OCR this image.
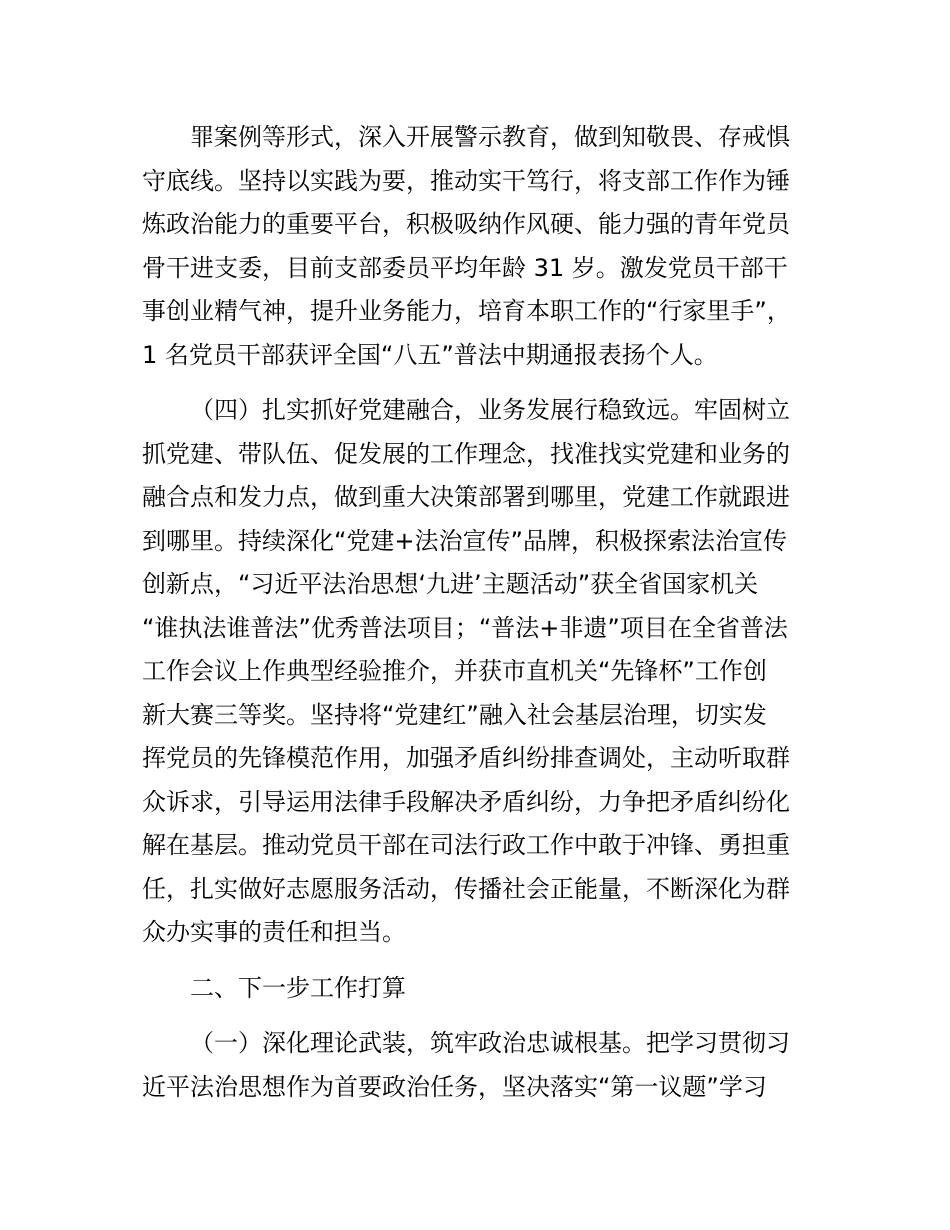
罪案例等形式，深入开展警示教育，做到知敬畏、存戒惧
守底线。坚持以实践为要，推动实干笃行，将支部工作作为锤
炼政治能力的重要平台，积极吸纳作风硬、能力强的青年党员
骨干进支委，目前支部委员平均年龄 31 岁。激发党员干部干
事创业精气神，提升业务能力，培育本职工作的“行家里手”，
1 名党员干部获评全国“八五”普法中期通报表扬个人。
（四）扎实抓好党建融合，业务发展行稳致远。牢固树立
抓党建、带队伍、促发展的工作理念，找准找实党建和业务的
融合点和发力点，做到重大决策部署到哪里，党建工作就跟进
到哪里。持续深化“党建+法治宣传”品牌，积极探索法治宣传
创新点，“习近平法治思想‘九进’主题活动”获全省国家机关
“谁执法谁普法”优秀普法项目；“普法+非遗”项目在全省普法
工作会议上作典型经验推介，并获市直机关“先锋杯”工作创
新大赛三等奖。坚持将“党建红”融入社会基层治理，切实发
挥党员的先锋模范作用，加强矛盾纠纷排查调处，主动听取群
众诉求，引导运用法律手段解决矛盾纠纷，力争把矛盾纠纷化
解在基层。推动党员干部在司法行政工作中敢于冲锋、勇担重
任，扎实做好志愿服务活动，传播社会正能量，不断深化为群
众办实事的责任和担当。
二、下一步工作打算
（一）深化理论武装，筑牢政治忠诚根基。把学习贯彻习
近平法治思想作为首要政治任务，坚决落实“第一议题”学习
